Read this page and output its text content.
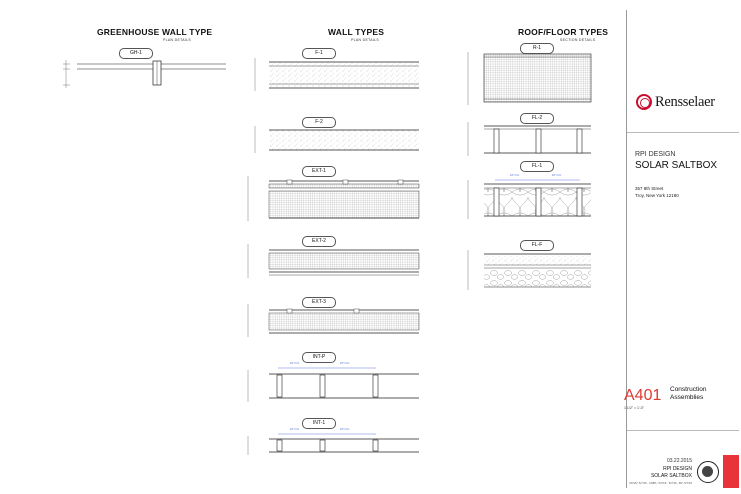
GREENHOUSE WALL TYPE
PLAN DETAILS
WALL TYPES
PLAN DETAILS
ROOF/FLOOR TYPES
SECTION DETAILS
GH-1	F-1
F-2
EXT-1
EXT-2
EXT-3
INT-P
INT-1
R-1
FL-2
FL-1
FL-F
16" O.C.	16" O.C.
16" O.C.	16" O.C.
16" O.C.	16" O.C.
Rensselaer
RPI DESIGN
SOLAR SALTBOX
357 8th Street
Troy, New York 12180
A401 Construction
Assemblies
1 1/2" = 1'-0"
03.22.2015
RPI DESIGN
SOLAR SALTBOX
RCVD: 5/7/16 - CMPL: 5/7/16 - 5/7/16 - BV: 5/7/16
